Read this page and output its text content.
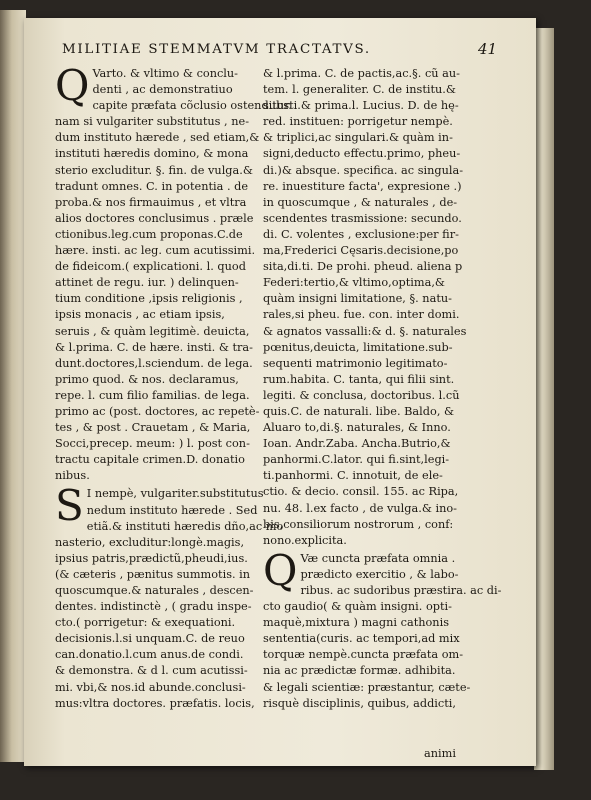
MILITIAE STEMMATVM TRACTATVS.	41
Q Varto. & vltimo & conclu-
denti , ac demonstratiuo
capite præfata cõclusio ostenditur.
nam si vulgariter substitutus , ne-
dum instituto hærede , sed etiam,&
instituti hæredis domino, & mona
sterio excluditur. §. fin. de vulga.&
tradunt omnes. C. in potentia . de
proba.& nos firmauimus , et vltra
alios doctores conclusimus . præle
ctionibus.leg.cum proponas.C.de
hære. insti. ac leg. cum acutissimi.
de fideicom.( explicationi. l. quod
attinet de regu. iur. ) delinquen-
tium conditione ,ipsis religionis ,
ipsis monacis , ac etiam ipsis,
seruis , & quàm legitimè. deuicta,
& l.prima. C. de hære. insti. & tra-
dunt.doctores,l.sciendum. de lega.
primo quod. & nos. declaramus,
repe. l. cum filio familias. de lega.
primo ac (post. doctores, ac repetè-
tes , & post . Crauetam , & Maria,
Socci,precep. meum: ) l. post con-
tractu capitale crimen.D. donatio
nibus.
S I nempè, vulgariter.substitutus
nedum instituto hærede . Sed
etiã.& instituti hæredis dño,ac mo
nasterio, excluditur:longè.magis,
ipsius patris,prædictũ,pheudi,ius.
(& cæteris , pænitus summotis. in
quoscumque.& naturales , descen-
dentes. indistinctè , ( gradu inspe-
cto.( porrigetur: & exequationi.
decisionis.l.si unquam.C. de reuo
can.donatio.l.cum anus.de condi.
& demonstra. & d l. cum acutissi-
mi. vbi,& nos.id abunde.conclusi-
mus:vltra doctores. præfatis. locis,
& l.prima. C. de pactis,ac.§. cũ au-
tem. l. generaliter. C. de institu.&
substi.& prima.l. Lucius. D. de hę-
red. instituen: porrigetur nempè.
& triplici,ac singulari.& quàm in-
signi,deducto effectu.primo, pheu-
di.)& absque. specifica. ac singula-
re. inuestiture facta', expresione .)
in quoscumque , & naturales , de-
scendentes trasmissione: secundo.
di. C. volentes , exclusione:per fir-
ma,Frederici Cęsaris.decisione,po
sita,di.ti. De prohi. pheud. aliena p
Federi:tertio,& vltimo,optima,&
quàm insigni limitatione, §. natu-
rales,si pheu. fue. con. inter domi.
& agnatos vassalli:& d. §. naturales
pœnitus,deuicta, limitatione.sub-
sequenti matrimonio legitimato-
rum.habita. C. tanta, qui filii sint.
legiti. & conclusa, doctoribus. l.cũ
quis.C. de naturali. libe. Baldo, &
Aluaro to,di.§. naturales, & Inno.
Ioan. Andr.Zaba. Ancha.Butrio,&
panhormi.C.lator. qui fi.sint,legi-
ti.panhormi. C. innotuit, de ele-
ctio. & decio. consil. 155. ac Ripa,
nu. 48. l.ex facto , de vulga.& ino-
bis,consiliorum nostrorum , conf:
nono.explicita.
Q Væ cuncta præfata omnia .
prædicto exercitio , & labo-
ribus. ac sudoribus præstira. ac di-
cto gaudio( & quàm insigni. opti-
maquè,mixtura ) magni cathonis
sententia(curis. ac tempori,ad mix
torquæ nempè.cuncta præfata om-
nia ac prædictæ formæ. adhibita.
& legali scientiæ: præstantur, cæte-
risquè disciplinis, quibus, addicti,
animi
